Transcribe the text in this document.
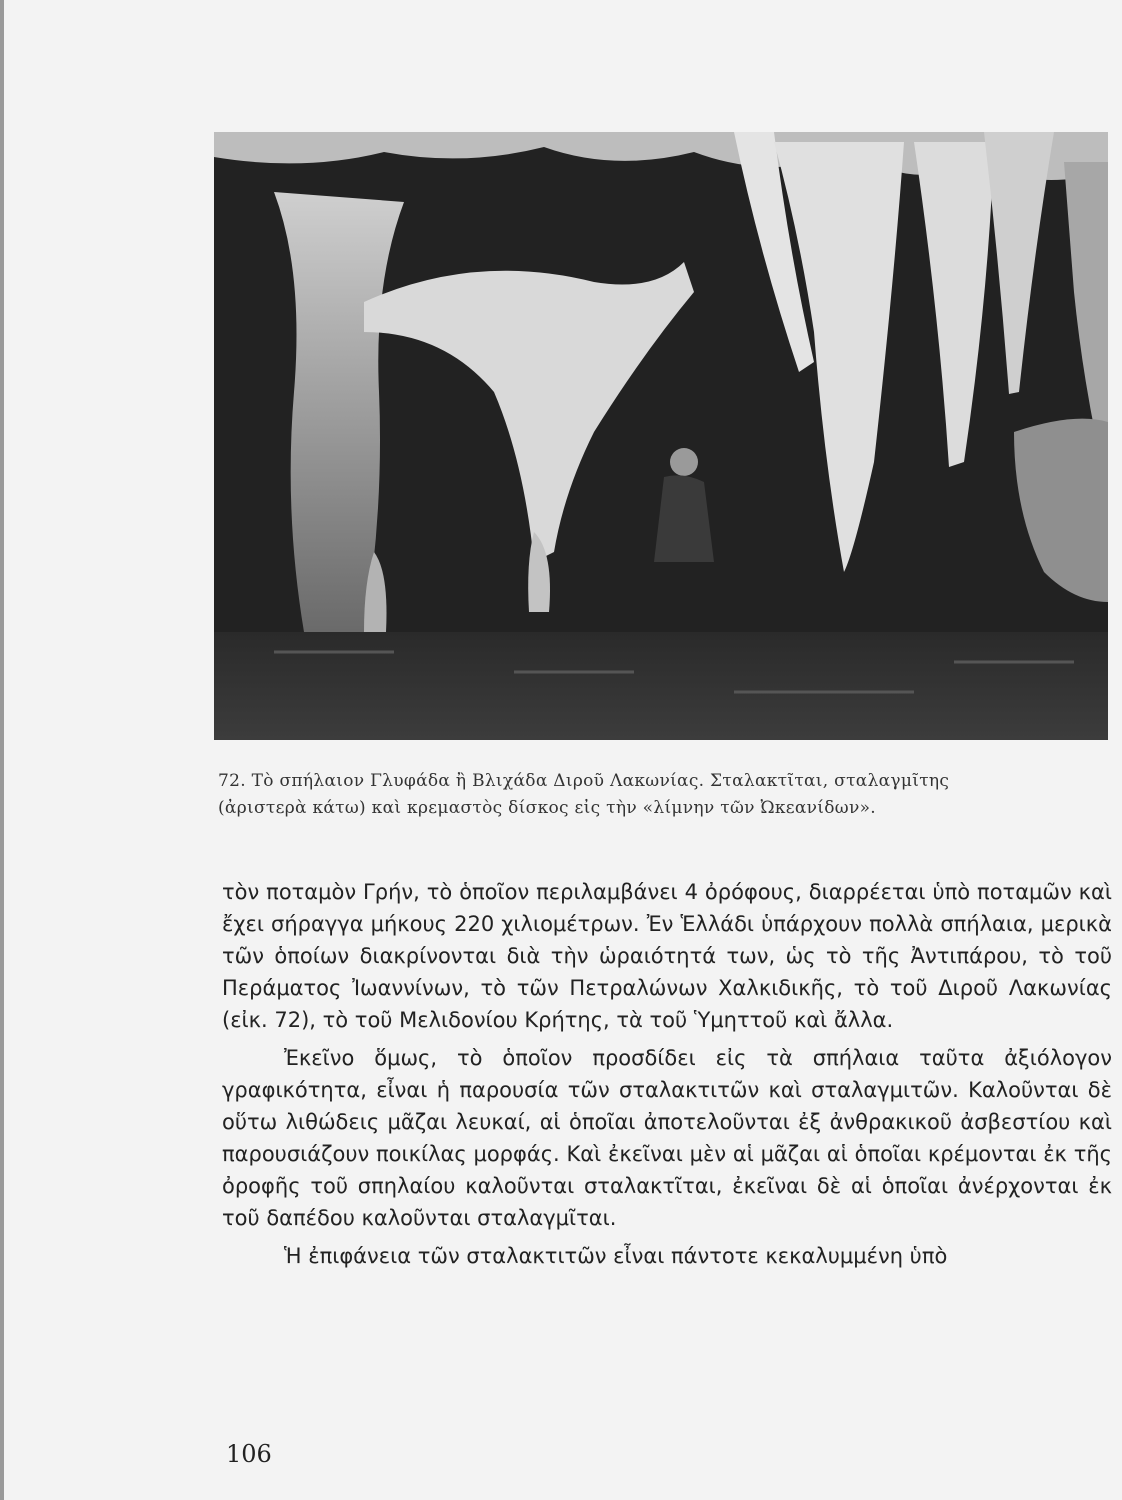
72. Τὸ σπήλαιον Γλυφάδα ἢ Βλιχάδα Διροῦ Λακωνίας. Σταλακτῖται, σταλαγμῖτης
(ἀριστερὰ κάτω) καὶ κρεμαστὸς δίσκος εἰς τὴν «λίμνην τῶν Ὠκεανίδων».

τὸν ποταμὸν Γρήν, τὸ ὁποῖον περιλαμβάνει 4 ὀρόφους, διαρρέεται ὑπὸ ποταμῶν καὶ ἔχει σήραγγα μήκους 220 χιλιομέτρων. Ἐν Ἑλλάδι ὑπάρχουν πολλὰ σπήλαια, μερικὰ τῶν ὁποίων διακρίνονται διὰ τὴν ὡραιότητά των, ὡς τὸ τῆς Ἀντιπάρου, τὸ τοῦ Περάματος Ἰωαννίνων, τὸ τῶν Πετραλώνων Χαλκιδικῆς, τὸ τοῦ Διροῦ Λακωνίας (εἰκ. 72), τὸ τοῦ Μελιδονίου Κρήτης, τὰ τοῦ Ὑμηττοῦ καὶ ἄλλα.

Ἐκεῖνο ὅμως, τὸ ὁποῖον προσδίδει εἰς τὰ σπήλαια ταῦτα ἀξιόλογον γραφικότητα, εἶναι ἡ παρουσία τῶν σταλακτιτῶν καὶ σταλαγμιτῶν. Καλοῦνται δὲ οὕτω λιθώδεις μᾶζαι λευκαί, αἱ ὁποῖαι ἀποτελοῦνται ἐξ ἀνθρακικοῦ ἀσβεστίου καὶ παρουσιάζουν ποικίλας μορφάς. Καὶ ἐκεῖναι μὲν αἱ μᾶζαι αἱ ὁποῖαι κρέμονται ἐκ τῆς ὀροφῆς τοῦ σπηλαίου καλοῦνται σταλακτῖται, ἐκεῖναι δὲ αἱ ὁποῖαι ἀνέρχονται ἐκ τοῦ δαπέδου καλοῦνται σταλαγμῖται.

Ἡ ἐπιφάνεια τῶν σταλακτιτῶν εἶναι πάντοτε κεκαλυμμένη ὑπὸ

106
